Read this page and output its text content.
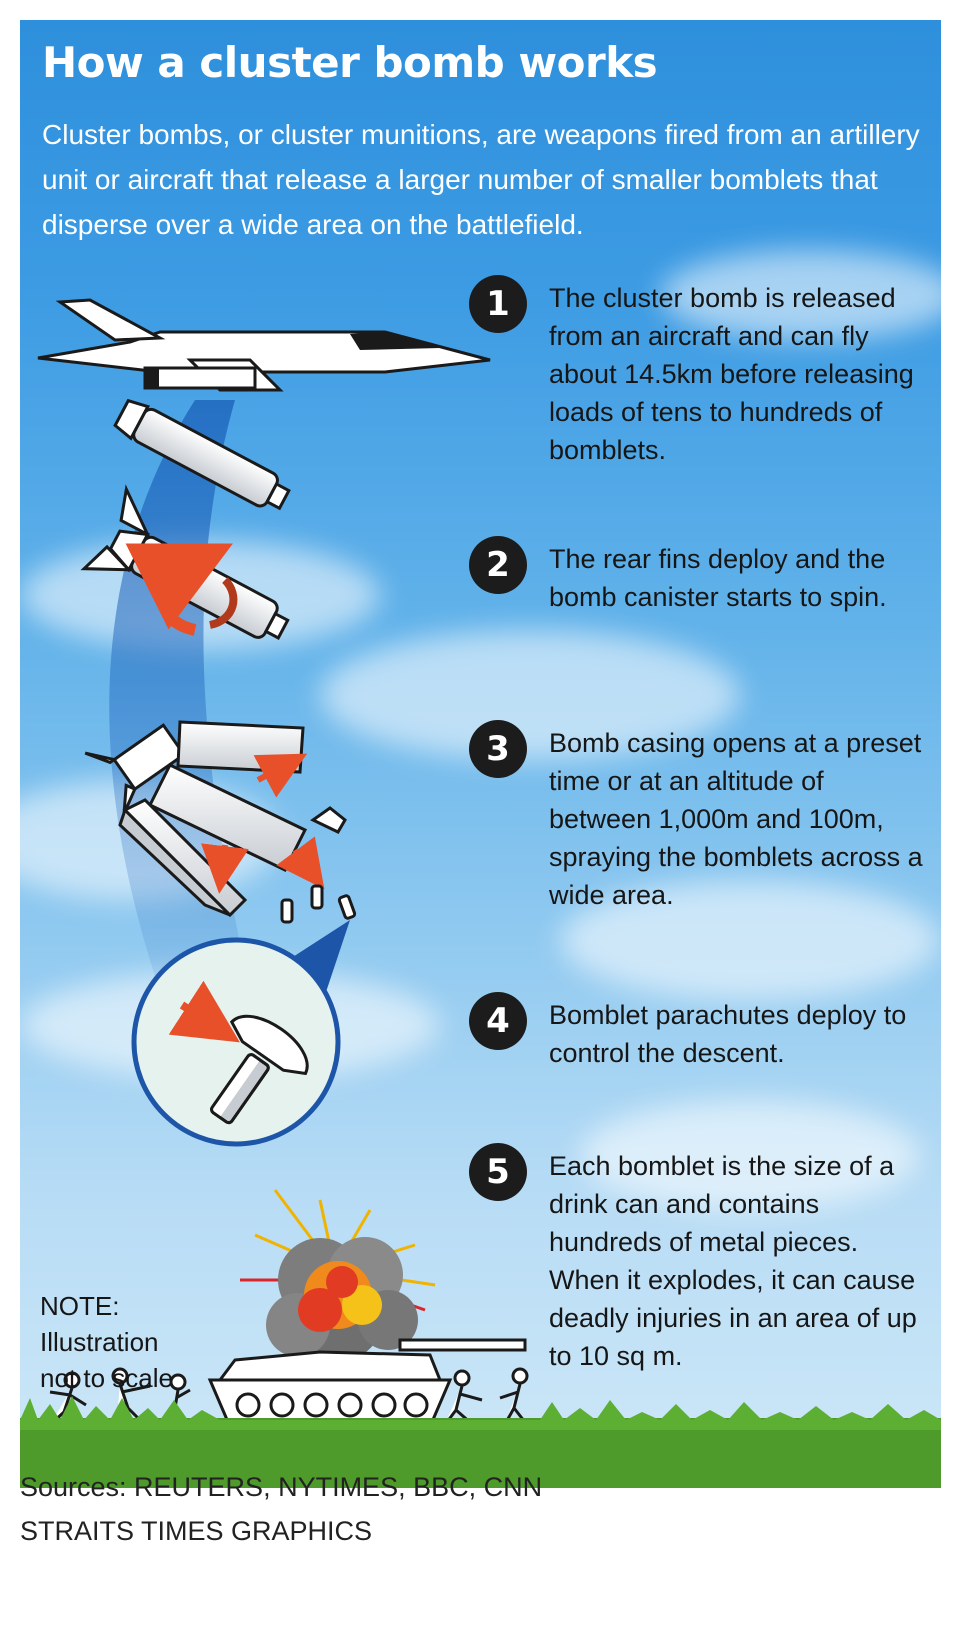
How a cluster bomb works

Cluster bombs, or cluster munitions, are weapons fired from an artillery unit or aircraft that release a larger number of smaller bomblets that disperse over a wide area on the battlefield.

1	The cluster bomb is released from an aircraft and can fly about 14.5km before releasing loads of tens to hundreds of bomblets.

2	The rear fins deploy and the bomb canister starts to spin.

3	Bomb casing opens at a preset time or at an altitude of between 1,000m and 100m, spraying the bomblets across a wide area.

4	Bomblet parachutes deploy to control the descent.

5	Each bomblet is the size of a drink can and contains hundreds of metal pieces. When it explodes, it can cause deadly injuries in an area of up to 10 sq m.

NOTE:
Illustration
not to scale

Sources: REUTERS, NYTIMES, BBC, CNN

STRAITS TIMES GRAPHICS
